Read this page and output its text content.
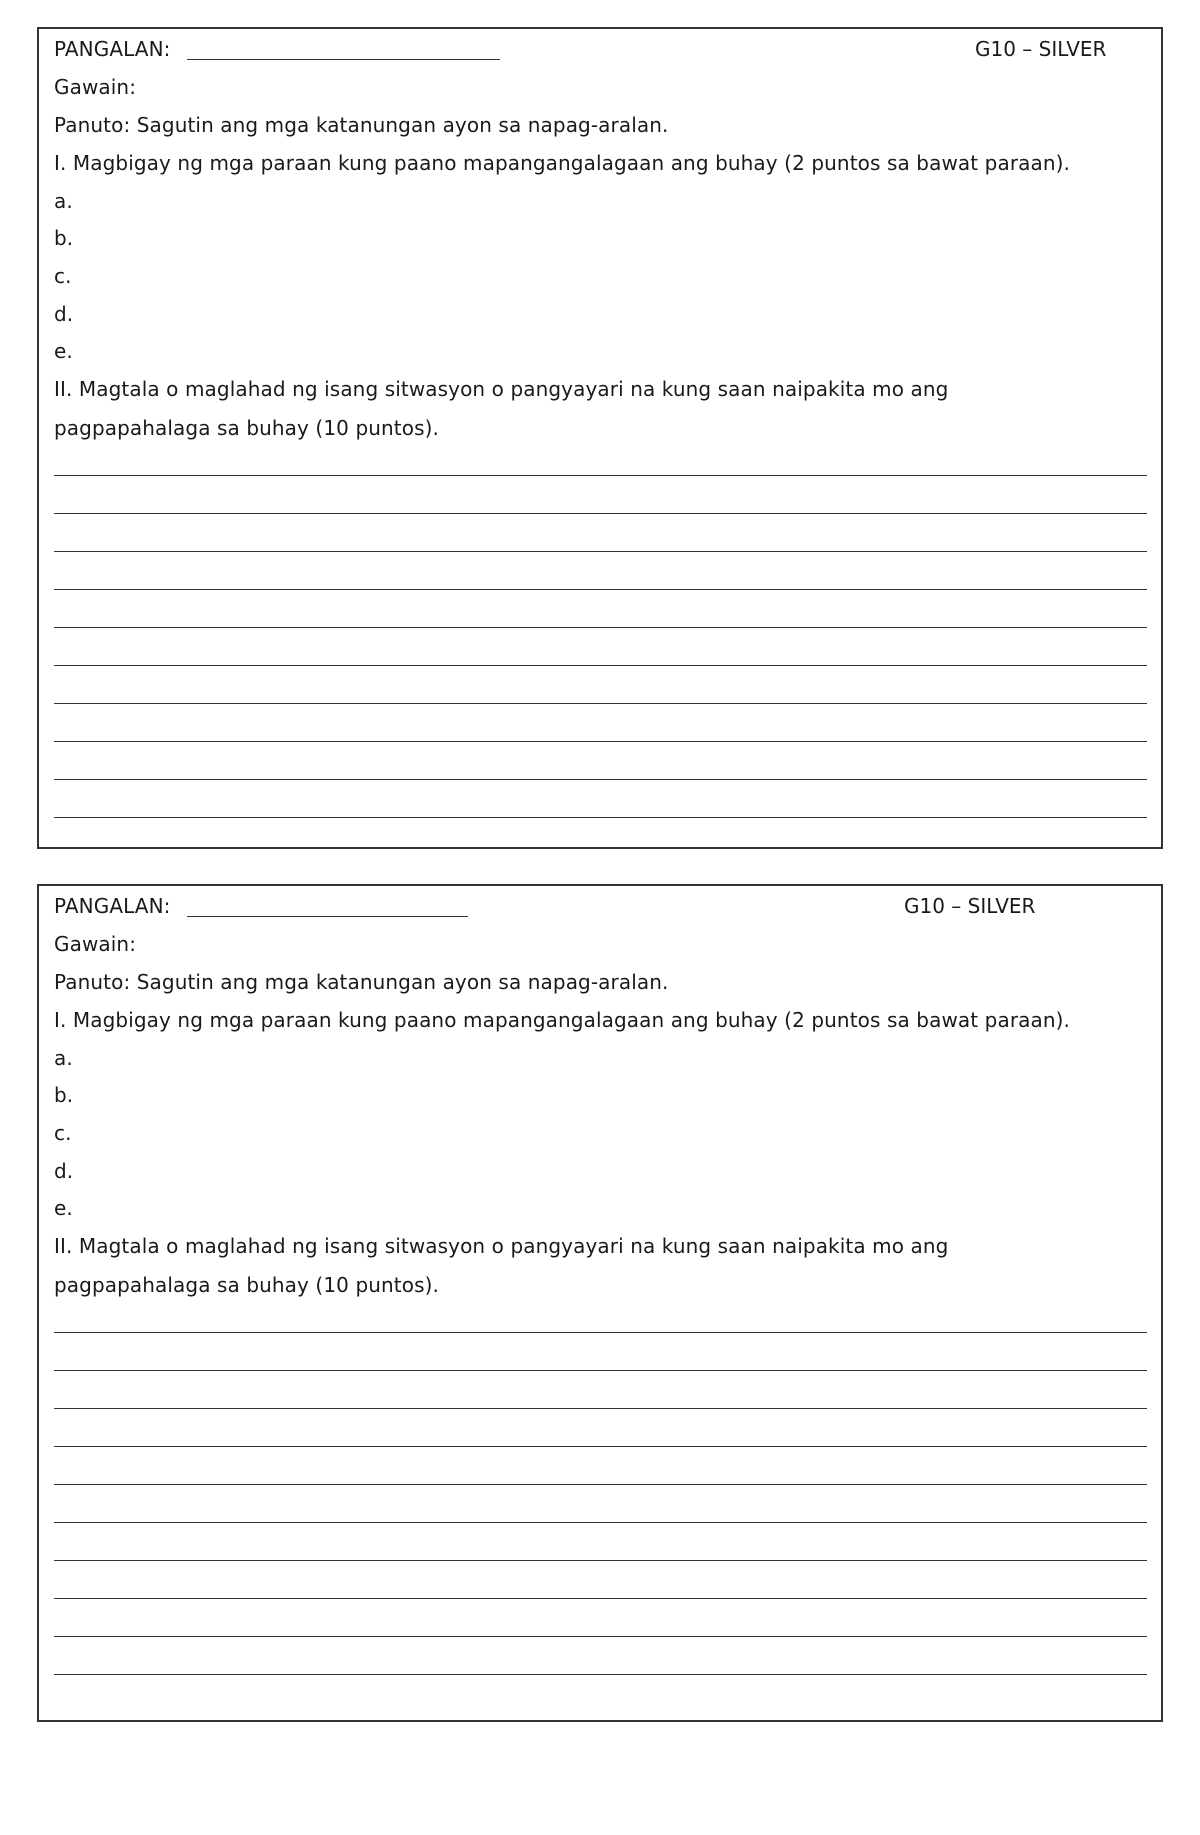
PANGALAN:	G10 – SILVER
Gawain:
Panuto: Sagutin ang mga katanungan ayon sa napag-aralan.
I. Magbigay ng mga paraan kung paano mapangangalagaan ang buhay (2 puntos sa bawat paraan).
a.
b.
c.
d.
e.
II. Magtala o maglahad ng isang sitwasyon o pangyayari na kung saan naipakita mo ang
pagpapahalaga sa buhay (10 puntos).
PANGALAN:	G10 – SILVER
Gawain:
Panuto: Sagutin ang mga katanungan ayon sa napag-aralan.
I. Magbigay ng mga paraan kung paano mapangangalagaan ang buhay (2 puntos sa bawat paraan).
a.
b.
c.
d.
e.
II. Magtala o maglahad ng isang sitwasyon o pangyayari na kung saan naipakita mo ang
pagpapahalaga sa buhay (10 puntos).
